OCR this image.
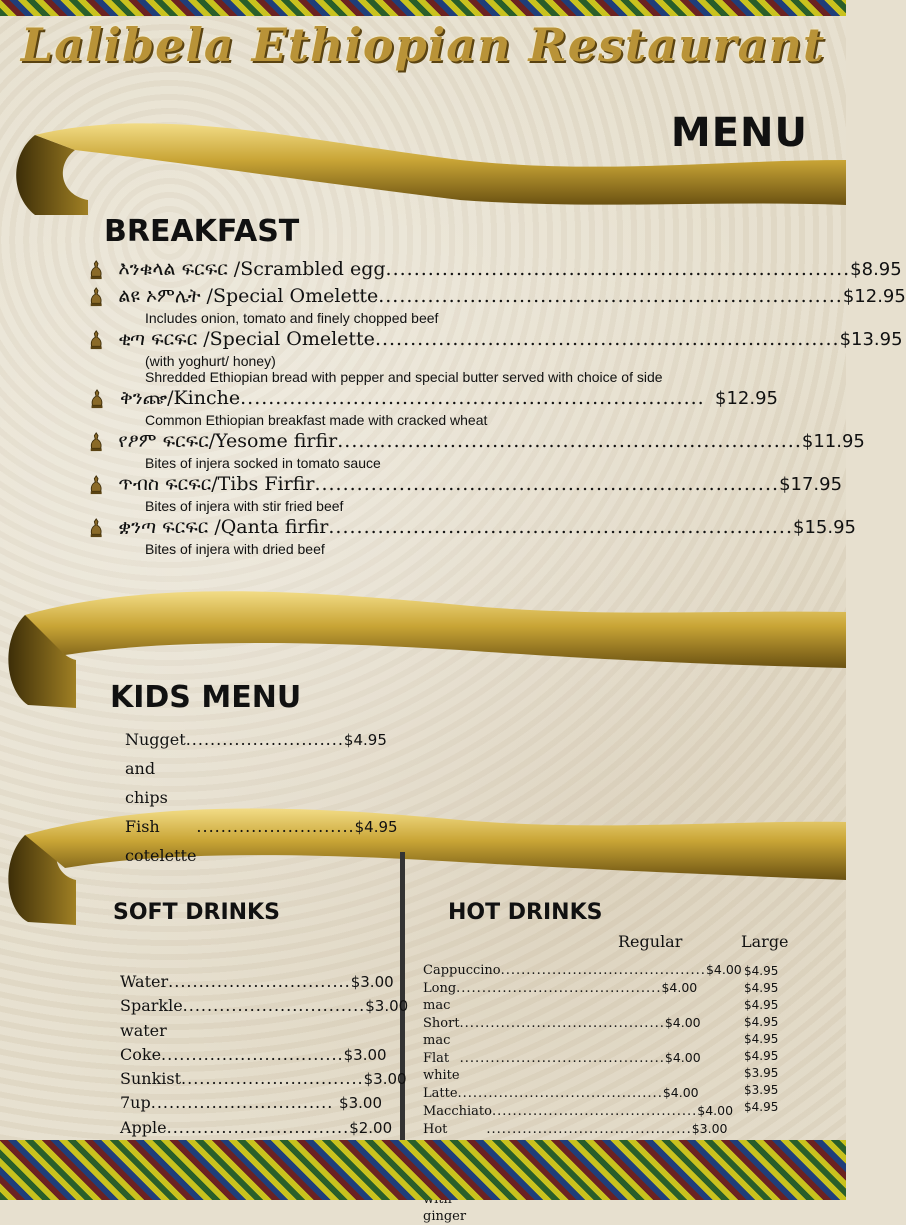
Lalibela Ethiopian Restaurant
MENU
BREAKFAST
እንቁላል ፍርፍር /Scrambled egg .................................................................. $8.95
ልዩ ኦምሌት /Special Omelette .................................................................. $12.95
Includes onion, tomato and finely chopped beef
ቂጣ ፍርፍር /Special Omelette .................................................................. $13.95
(with yoghurt/ honey)
Shredded Ethiopian bread with pepper and special butter served with choice of side
ቅንጬ/Kinche .................................................................. $12.95
Common Ethiopian breakfast made with cracked wheat
የፆም ፍርፍር/Yesome firfir .................................................................. $11.95
Bites of injera socked in tomato sauce
ጥብስ ፍርፍር/Tibs Firfir .................................................................. $17.95
Bites of injera with stir fried beef
ቋንጣ ፍርፍር /Qanta firfir .................................................................. $15.95
Bites of injera with dried beef
KIDS MENU
Nugget and chips
.......................... $4.95
Fish cotelette
.......................... $4.95
SOFT DRINKS
Water .............................. $3.00
Sparkle water
.............................. $3.00
Coke .............................. $3.00
Sunkist .............................. $3.00
7up .............................. $3.00
Apple .............................. $2.00
HOT DRINKS
Regular	Large
Cappuccino ........................................ $4.00
Long mac
........................................ $4.00
Short mac
........................................ $4.00
Flat white
........................................ $4.00
Latte ........................................ $4.00
Macchiato ........................................ $4.00
Hot	........................................ $3.00
ginger
$4.95
$4.95
$4.95
$4.95
$4.95
$4.95
$3.95
$3.95
$4.95
